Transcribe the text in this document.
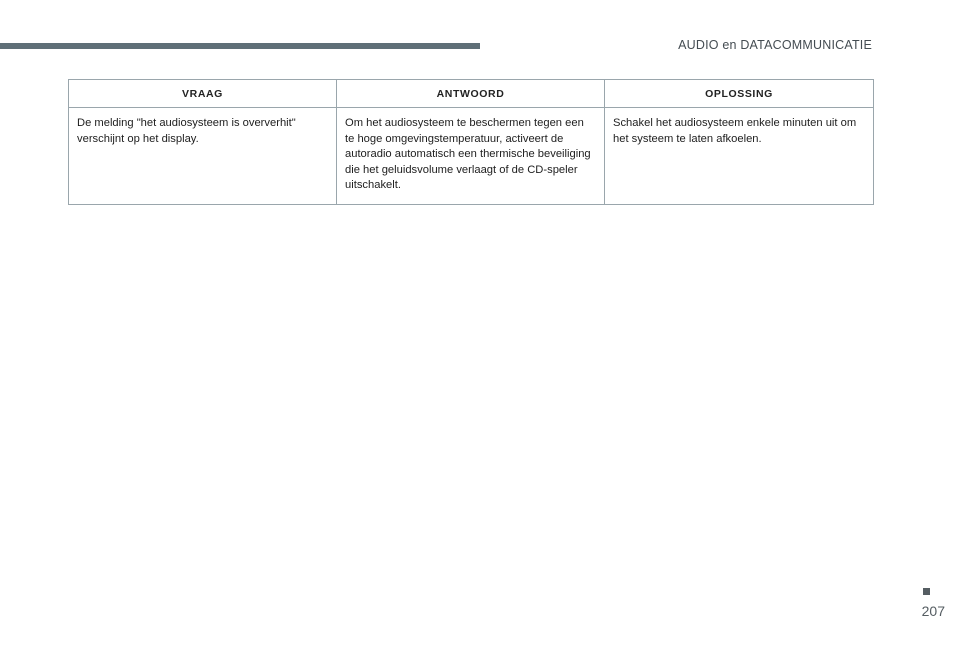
AUDIO en DATACOMMUNICATIE
VRAAG	ANTWOORD	OPLOSSING
De melding "het audiosysteem is oververhit" verschijnt op het display.	Om het audiosysteem te beschermen tegen een te hoge omgevingstemperatuur, activeert de autoradio automatisch een thermische beveiliging die het geluidsvolume verlaagt of de CD-speler uitschakelt.	Schakel het audiosysteem enkele minuten uit om het systeem te laten afkoelen.
207
